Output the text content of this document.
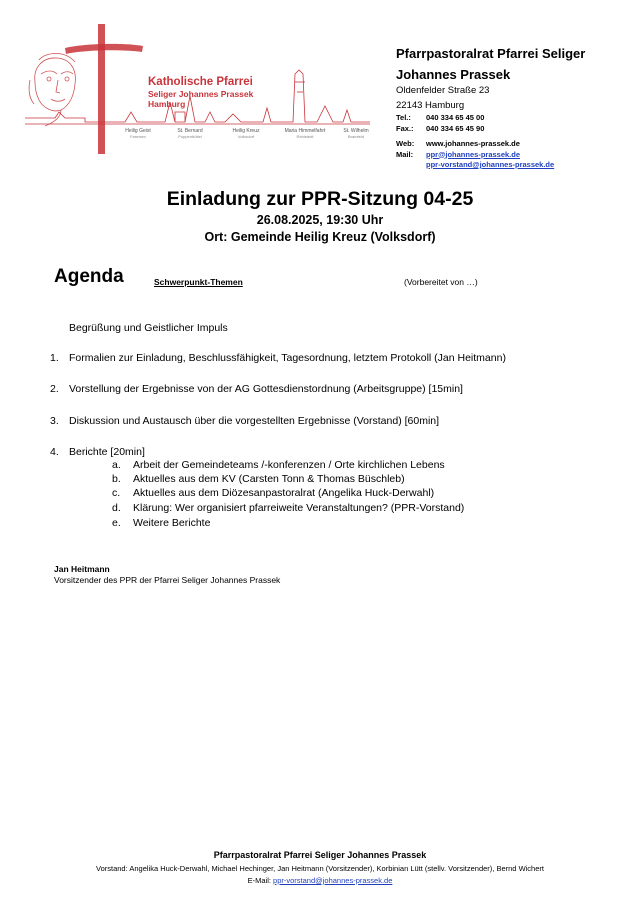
Katholische Pfarrei
Seliger Johannes Prassek
Hamburg
Heilig Geist
Farmsen
St. Bernard
Poppenbüttel
Heilig Kreuz
Volksdorf
Maria Himmelfahrt
Rahlstedt
St. Wilhelm
Bramfeld
Pfarrpastoralrat Pfarrei Seliger
Johannes Prassek
Oldenfelder Straße 23
22143 Hamburg
Tel.: 040 334 65 45 00
Fax.: 040 334 65 45 90
Web: www.johannes-prassek.de
Mail: ppr@johannes-prassek.de
ppr-vorstand@johannes-prassek.de
Einladung zur PPR-Sitzung 04-25
26.08.2025, 19:30 Uhr
Ort: Gemeinde Heilig Kreuz (Volksdorf)
Agenda	Schwerpunkt-Themen	(Vorbereitet von …)
Begrüßung und Geistlicher Impuls
1. Formalien zur Einladung, Beschlussfähigkeit, Tagesordnung, letztem Protokoll (Jan Heitmann)
2. Vorstellung der Ergebnisse von der AG Gottesdienstordnung (Arbeitsgruppe) [15min]
3. Diskussion und Austausch über die vorgestellten Ergebnisse (Vorstand) [60min]
4. Berichte [20min]
a. Arbeit der Gemeindeteams /-konferenzen / Orte kirchlichen Lebens
b. Aktuelles aus dem KV (Carsten Tonn & Thomas Büschleb)
c. Aktuelles aus dem Diözesanpastoralrat (Angelika Huck-Derwahl)
d. Klärung: Wer organisiert pfarreiweite Veranstaltungen? (PPR-Vorstand)
e. Weitere Berichte
Jan Heitmann
Vorsitzender des PPR der Pfarrei Seliger Johannes Prassek
Pfarrpastoralrat Pfarrei Seliger Johannes Prassek
Vorstand: Angelika Huck-Derwahl, Michael Hechinger, Jan Heitmann (Vorsitzender), Korbinian Lütt (stellv. Vorsitzender), Bernd Wichert
E-Mail: ppr-vorstand@johannes-prassek.de
